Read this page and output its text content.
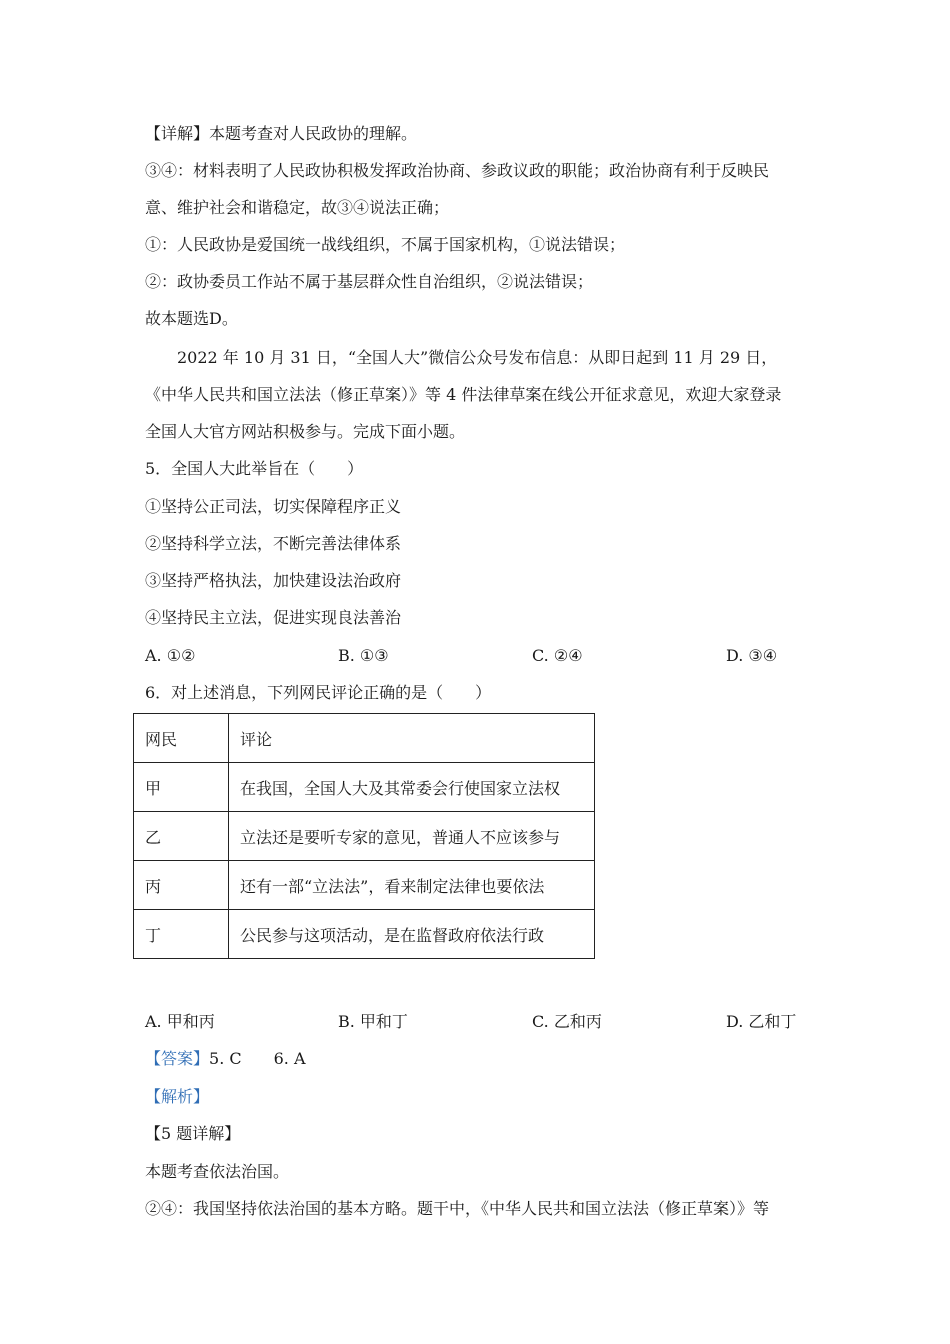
【详解】本题考查对人民政协的理解。
③④：材料表明了人民政协积极发挥政治协商、参政议政的职能；政治协商有利于反映民
意、维护社会和谐稳定，故③④说法正确；
①：人民政协是爱国统一战线组织，不属于国家机构，①说法错误；
②：政协委员工作站不属于基层群众性自治组织，②说法错误；
故本题选D。
2022 年 10 月 31 日，“全国人大”微信公众号发布信息：从即日起到 11 月 29 日，
《中华人民共和国立法法（修正草案）》等 4 件法律草案在线公开征求意见，欢迎大家登录
全国人大官方网站积极参与。完成下面小题。
5．全国人大此举旨在（　　）
①坚持公正司法，切实保障程序正义
②坚持科学立法，不断完善法律体系
③坚持严格执法，加快建设法治政府
④坚持民主立法，促进实现良法善治
A. ①②	B. ①③	C. ②④	D. ③④
6．对上述消息，下列网民评论正确的是（　　）
网民	评论
甲	在我国，全国人大及其常委会行使国家立法权
乙	立法还是要听专家的意见，普通人不应该参与
丙	还有一部“立法法”，看来制定法律也要依法
丁	公民参与这项活动，是在监督政府依法行政
A. 甲和丙	B. 甲和丁	C. 乙和丙	D. 乙和丁
【答案】5. C　　6. A
【解析】
【5 题详解】
本题考查依法治国。
②④：我国坚持依法治国的基本方略。题干中，《中华人民共和国立法法（修正草案）》等
